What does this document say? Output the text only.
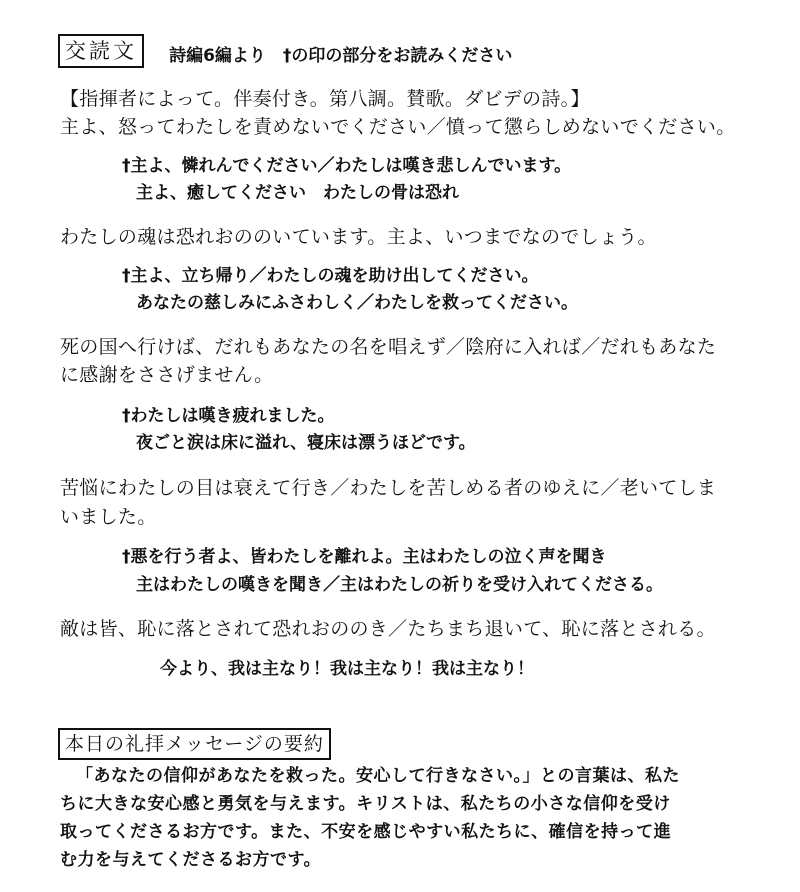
交読文 詩編6編より　†の印の部分をお読みください
【指揮者によって。伴奏付き。第八調。賛歌。ダビデの詩。】
主よ、怒ってわたしを責めないでください／憤って懲らしめないでください。
†主よ、憐れんでください／わたしは嘆き悲しんでいます。
主よ、癒してください　わたしの骨は恐れ
わたしの魂は恐れおののいています。主よ、いつまでなのでしょう。
†主よ、立ち帰り／わたしの魂を助け出してください。
あなたの慈しみにふさわしく／わたしを救ってください。
死の国へ行けば、だれもあなたの名を唱えず／陰府に入れば／だれもあなた
に感謝をささげません。
†わたしは嘆き疲れました。
夜ごと涙は床に溢れ、寝床は漂うほどです。
苦悩にわたしの目は衰えて行き／わたしを苦しめる者のゆえに／老いてしま
いました。
†悪を行う者よ、皆わたしを離れよ。主はわたしの泣く声を聞き
主はわたしの嘆きを聞き／主はわたしの祈りを受け入れてくださる。
敵は皆、恥に落とされて恐れおののき／たちまち退いて、恥に落とされる。
今より、我は主なり！我は主なり！我は主なり！
本日の礼拝メッセージの要約
「あなたの信仰があなたを救った。安心して行きなさい。」との言葉は、私た
ちに大きな安心感と勇気を与えます。キリストは、私たちの小さな信仰を受け
取ってくださるお方です。また、不安を感じやすい私たちに、確信を持って進
む力を与えてくださるお方です。
